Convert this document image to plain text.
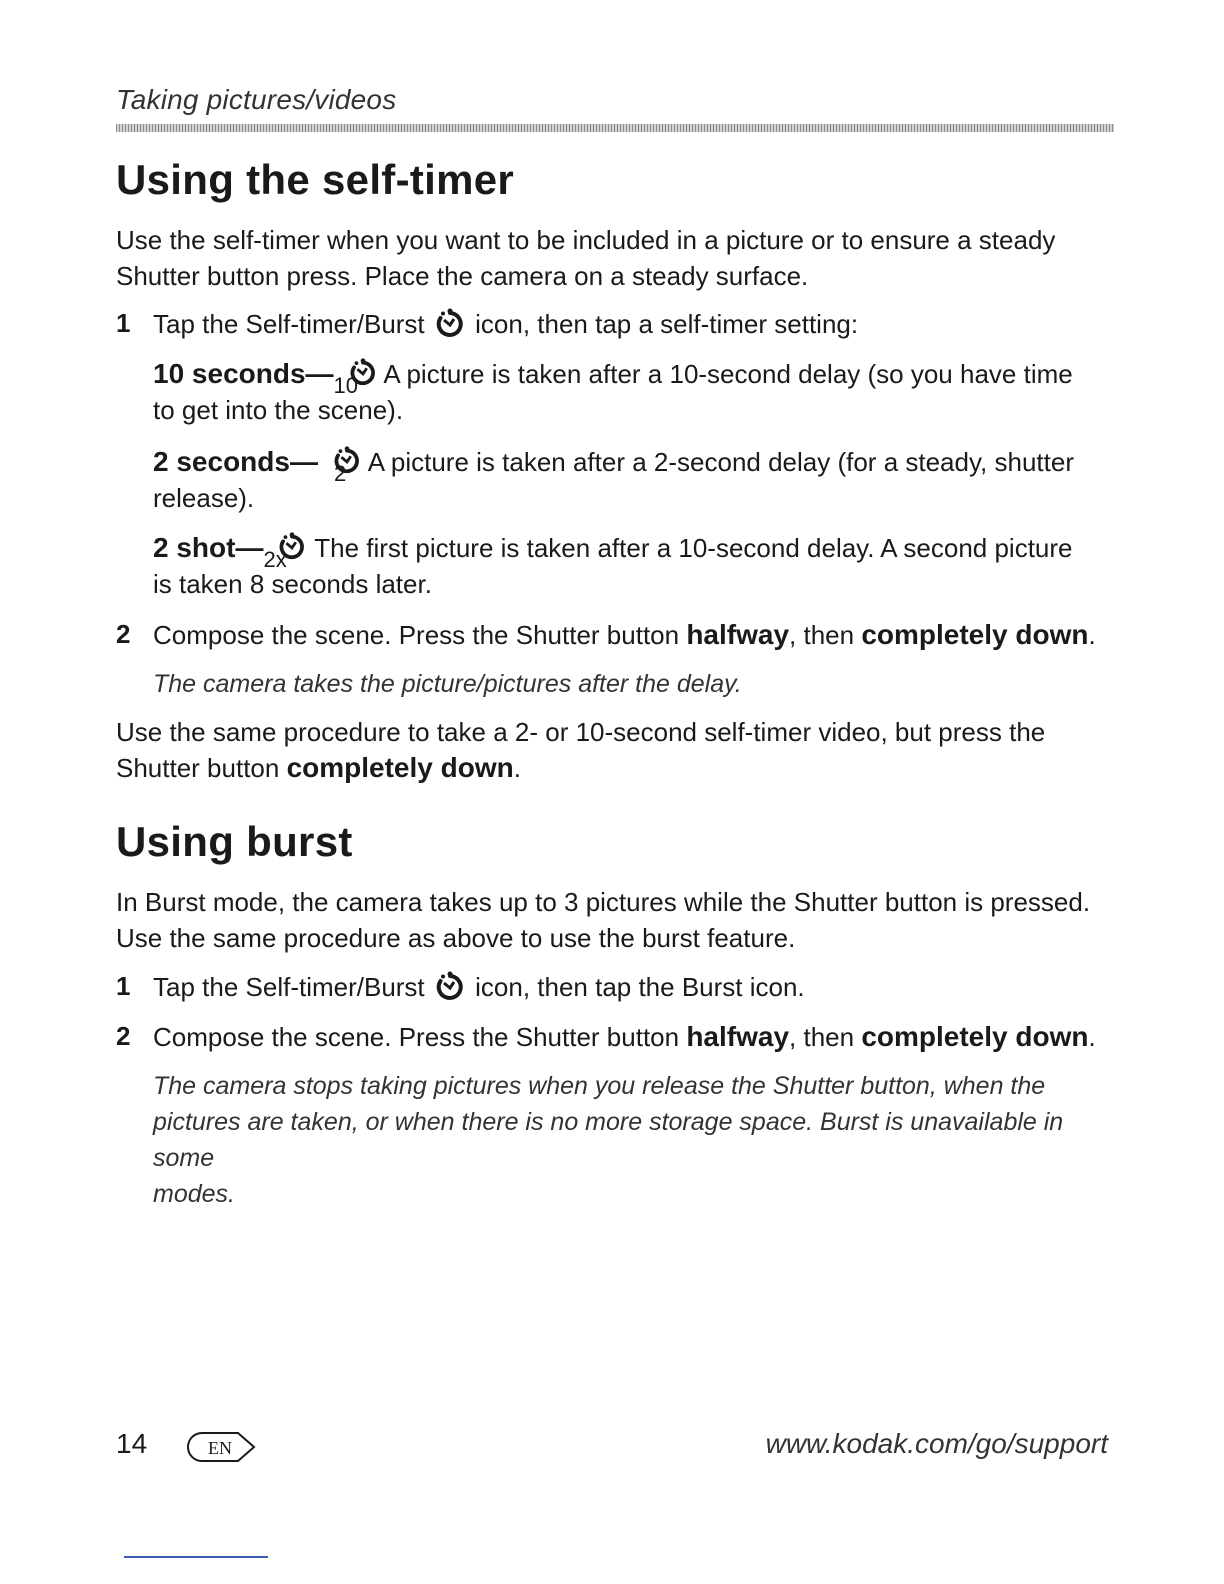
Taking pictures/videos
Using the self-timer

Use the self-timer when you want to be included in a picture or to ensure a steady
Shutter button press. Place the camera on a steady surface.

1 Tap the Self-timer/Burst icon, then tap a self-timer setting:

10 seconds— 10 A picture is taken after a 10-second delay (so you have time
to get into the scene).

2 seconds— 2 A picture is taken after a 2-second delay (for a steady, shutter
release).

2 shot— 2x The first picture is taken after a 10-second delay. A second picture
is taken 8 seconds later.

2 Compose the scene. Press the Shutter button halfway, then completely down.

The camera takes the picture/pictures after the delay.

Use the same procedure to take a 2- or 10-second self-timer video, but press the
Shutter button completely down.

Using burst

In Burst mode, the camera takes up to 3 pictures while the Shutter button is pressed.
Use the same procedure as above to use the burst feature.

1 Tap the Self-timer/Burst icon, then tap the Burst icon.

2 Compose the scene. Press the Shutter button halfway, then completely down.

The camera stops taking pictures when you release the Shutter button, when the
pictures are taken, or when there is no more storage space. Burst is unavailable in some
modes.

14	EN	www.kodak.com/go/support
